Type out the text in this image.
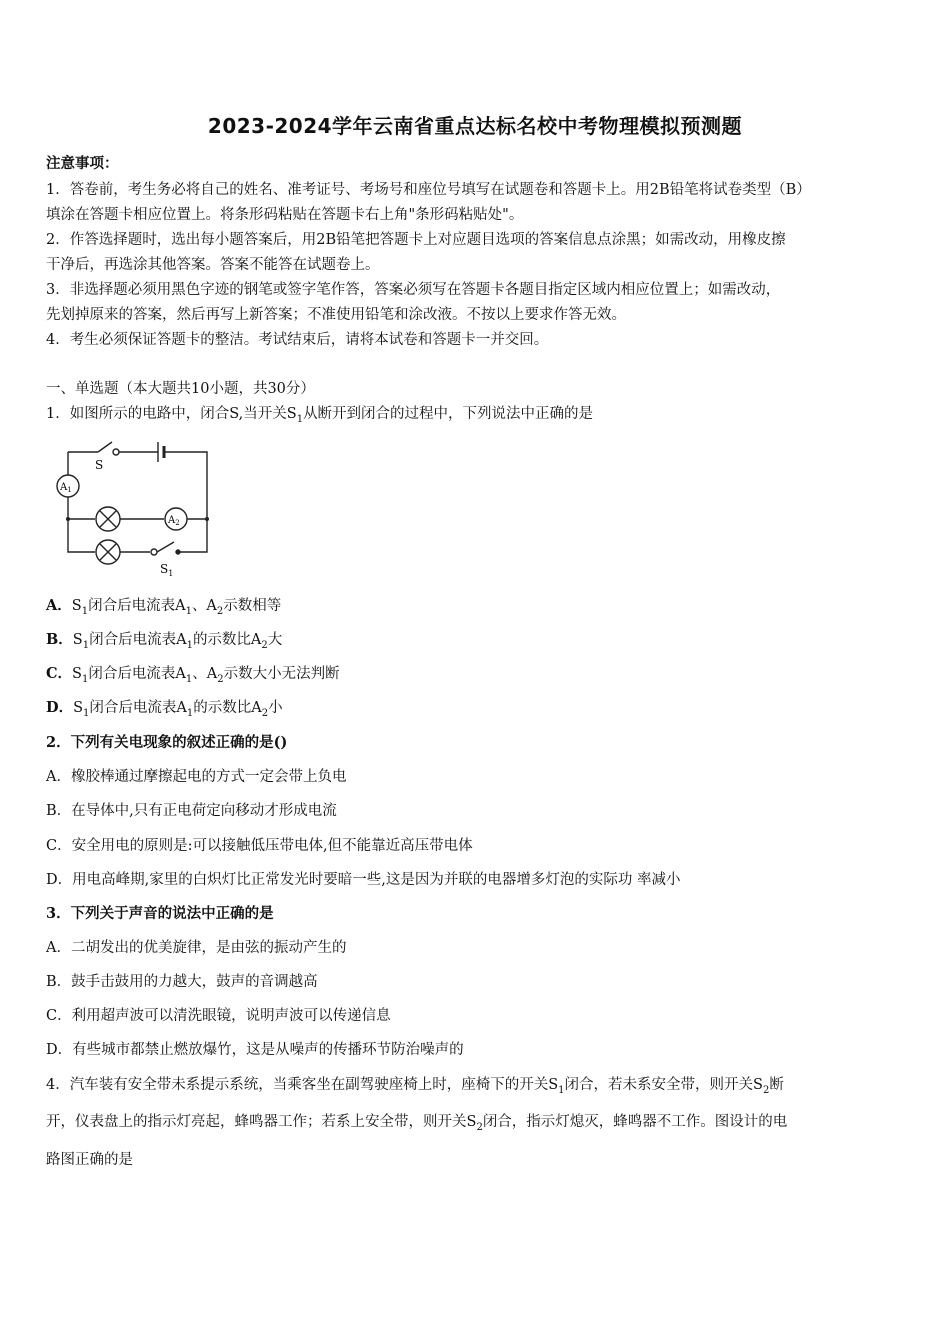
2023-2024学年云南省重点达标名校中考物理模拟预测题
注意事项：
1．答卷前，考生务必将自己的姓名、准考证号、考场号和座位号填写在试题卷和答题卡上。用2B铅笔将试卷类型（B）
填涂在答题卡相应位置上。将条形码粘贴在答题卡右上角"条形码粘贴处"。
2．作答选择题时，选出每小题答案后，用2B铅笔把答题卡上对应题目选项的答案信息点涂黑；如需改动，用橡皮擦
干净后，再选涂其他答案。答案不能答在试题卷上。
3．非选择题必须用黑色字迹的钢笔或签字笔作答，答案必须写在答题卡各题目指定区域内相应位置上；如需改动，
先划掉原来的答案，然后再写上新答案；不准使用铅笔和涂改液。不按以上要求作答无效。
4．考生必须保证答题卡的整洁。考试结束后，请将本试卷和答题卡一并交回。
一、单选题（本大题共10小题，共30分）
1．如图所示的电路中，闭合S,当开关$S_1$从断开到闭合的过程中，下列说法中正确的是
S
$A_1$
$A_2$
$S_1$
A．$S_1$闭合后电流表$A_1$、$A_2$示数相等
B．$S_1$闭合后电流表$A_1$的示数比$A_2$大
C．$S_1$闭合后电流表$A_1$、$A_2$示数大小无法判断
D．$S_1$闭合后电流表$A_1$的示数比$A_2$小
2．下列有关电现象的叙述正确的是()
A．橡胶棒通过摩擦起电的方式一定会带上负电
B．在导体中,只有正电荷定向移动才形成电流
C．安全用电的原则是:可以接触低压带电体,但不能靠近高压带电体
D．用电高峰期,家里的白炽灯比正常发光时要暗一些,这是因为并联的电器增多灯泡的实际功 率减小
3．下列关于声音的说法中正确的是
A．二胡发出的优美旋律，是由弦的振动产生的
B．鼓手击鼓用的力越大，鼓声的音调越高
C．利用超声波可以清洗眼镜，说明声波可以传递信息
D．有些城市都禁止燃放爆竹，这是从噪声的传播环节防治噪声的
4．汽车装有安全带未系提示系统，当乘客坐在副驾驶座椅上时，座椅下的开关$S_1$闭合，若未系安全带，则开关$S_2$断
开，仪表盘上的指示灯亮起，蜂鸣器工作；若系上安全带，则开关$S_2$闭合，指示灯熄灭，蜂鸣器不工作。图设计的电
路图正确的是
